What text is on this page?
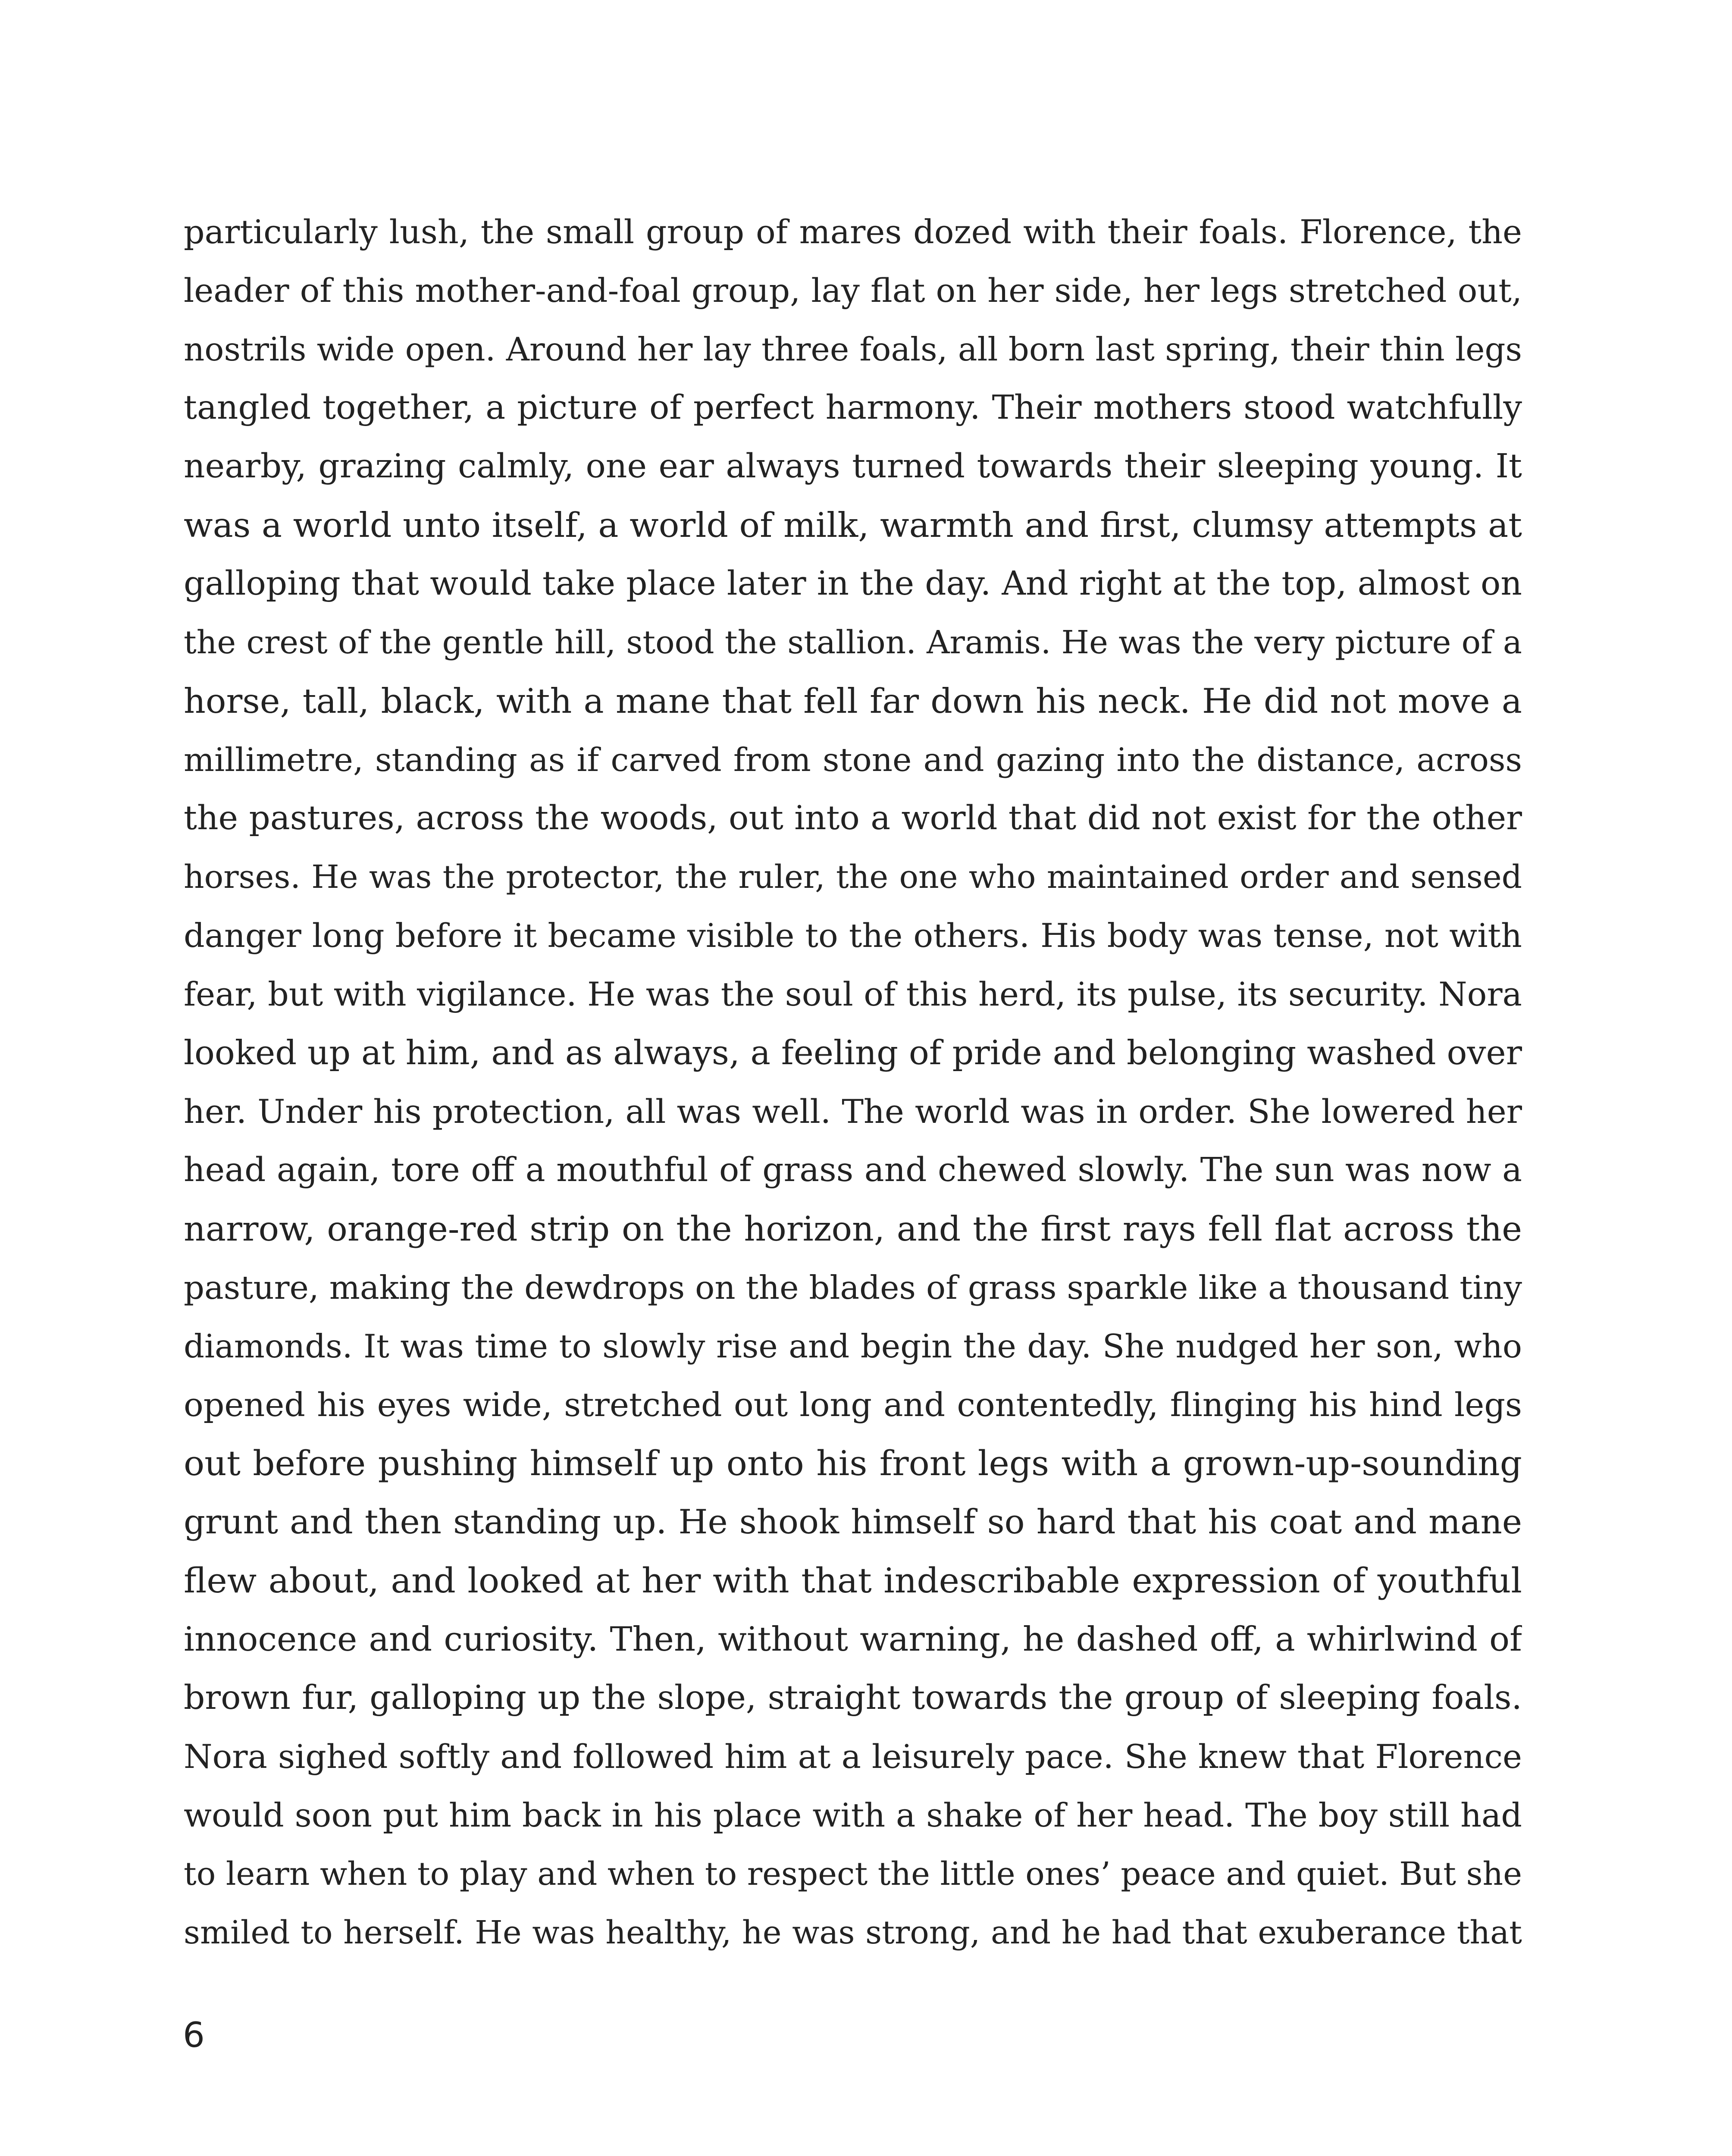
particularly lush, the small group of mares dozed with their foals. Florence, the
leader of this mother-and-foal group, lay flat on her side, her legs stretched out,
nostrils wide open. Around her lay three foals, all born last spring, their thin legs
tangled together, a picture of perfect harmony. Their mothers stood watchfully
nearby, grazing calmly, one ear always turned towards their sleeping young. It
was a world unto itself, a world of milk, warmth and first, clumsy attempts at
galloping that would take place later in the day. And right at the top, almost on
the crest of the gentle hill, stood the stallion. Aramis. He was the very picture of a
horse, tall, black, with a mane that fell far down his neck. He did not move a
millimetre, standing as if carved from stone and gazing into the distance, across
the pastures, across the woods, out into a world that did not exist for the other
horses. He was the protector, the ruler, the one who maintained order and sensed
danger long before it became visible to the others. His body was tense, not with
fear, but with vigilance. He was the soul of this herd, its pulse, its security. Nora
looked up at him, and as always, a feeling of pride and belonging washed over
her. Under his protection, all was well. The world was in order. She lowered her
head again, tore off a mouthful of grass and chewed slowly. The sun was now a
narrow, orange-red strip on the horizon, and the first rays fell flat across the
pasture, making the dewdrops on the blades of grass sparkle like a thousand tiny
diamonds. It was time to slowly rise and begin the day. She nudged her son, who
opened his eyes wide, stretched out long and contentedly, flinging his hind legs
out before pushing himself up onto his front legs with a grown-up-sounding
grunt and then standing up. He shook himself so hard that his coat and mane
flew about, and looked at her with that indescribable expression of youthful
innocence and curiosity. Then, without warning, he dashed off, a whirlwind of
brown fur, galloping up the slope, straight towards the group of sleeping foals.
Nora sighed softly and followed him at a leisurely pace. She knew that Florence
would soon put him back in his place with a shake of her head. The boy still had
to learn when to play and when to respect the little ones’ peace and quiet. But she
smiled to herself. He was healthy, he was strong, and he had that exuberance that
6
